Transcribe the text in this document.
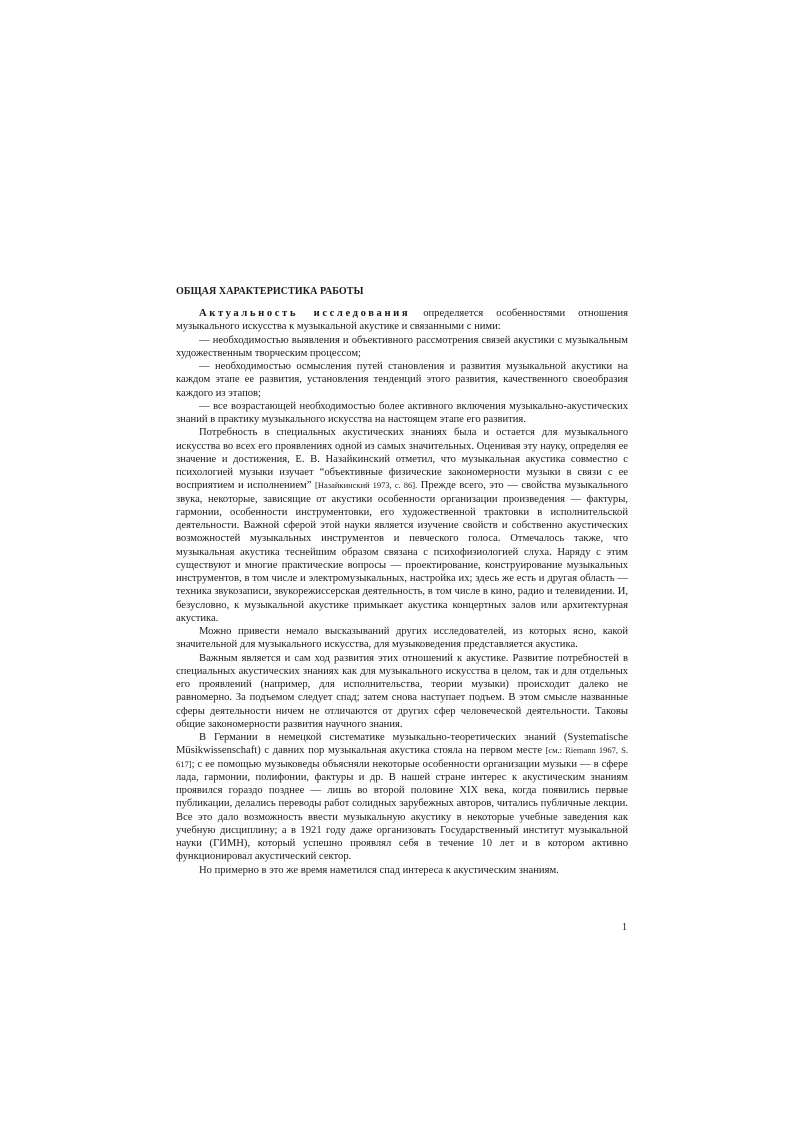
ОБЩАЯ ХАРАКТЕРИСТИКА РАБОТЫ

Актуальность исследования определяется особенностями отношения музыкального искусства к музыкальной акустике и связанными с ними:

— необходимостью выявления и объективного рассмотрения связей акустики с музыкальным художественным творческим процессом;

— необходимостью осмысления путей становления и развития музыкальной акустики на каждом этапе ее развития, установления тенденций этого развития, качественного своеобразия каждого из этапов;

— все возрастающей необходимостью более активного включения музыкально-акустических знаний в практику музыкального искусства на настоящем этапе его развития.

Потребность в специальных акустических знаниях была и остается для музыкального искусства во всех его проявлениях одной из самых значительных. Оценивая эту науку, определяя ее значение и достижения, Е. В. Назайкинский отметил, что музыкальная акустика совместно с психологией музыки изучает “объективные физические закономерности музыки в связи с ее восприятием и исполнением” [Назайкинский 1973, с. 86]. Прежде всего, это — свойства музыкального звука, некоторые, зависящие от акустики особенности организации произведения — фактуры, гармонии, особенности инструментовки, его художественной трактовки в исполнительской деятельности. Важной сферой этой науки является изучение свойств и собственно акустических возможностей музыкальных инструментов и певческого голоса. Отмечалось также, что музыкальная акустика теснейшим образом связана с психофизиологией слуха. Наряду с этим существуют и многие практические вопросы — проектирование, конструирование музыкальных инструментов, в том числе и электромузыкальных, настройка их; здесь же есть и другая область — техника звукозаписи, звукорежиссерская деятельность, в том числе в кино, радио и телевидении. И, безусловно, к музыкальной акустике примыкает акустика концертных залов или архитектурная акустика.

Можно привести немало высказываний других исследователей, из которых ясно, какой значительной для музыкального искусства, для музыковедения представляется акустика.

Важным является и сам ход развития этих отношений к акустике. Развитие потребностей в специальных акустических знаниях как для музыкального искусства в целом, так и для отдельных его проявлений (например, для исполнительства, теории музыки) происходит далеко не равномерно. За подъемом следует спад; затем снова наступает подъем. В этом смысле названные сферы деятельности ничем не отличаются от других сфер человеческой деятельности. Таковы общие закономерности развития научного знания.

В Германии в немецкой систематике музыкально-теоретических знаний (Systematische Müsikwissenschaft) с давних пор музыкальная акустика стояла на первом месте [см.: Riemann 1967, S. 617]; с ее помощью музыковеды объясняли некоторые особенности организации музыки — в сфере лада, гармонии, полифонии, фактуры и др. В нашей стране интерес к акустическим знаниям проявился гораздо позднее — лишь во второй половине XIX века, когда появились первые публикации, делались переводы работ солидных зарубежных авторов, читались публичные лекции. Все это дало возможность ввести музыкальную акустику в некоторые учебные заведения как учебную дисциплину; а в 1921 году даже организовать Государственный институт музыкальной науки (ГИМН), который успешно проявлял себя в течение 10 лет и в котором активно функционировал акустический сектор.

Но примерно в это же время наметился спад интереса к акустическим знаниям.

1
